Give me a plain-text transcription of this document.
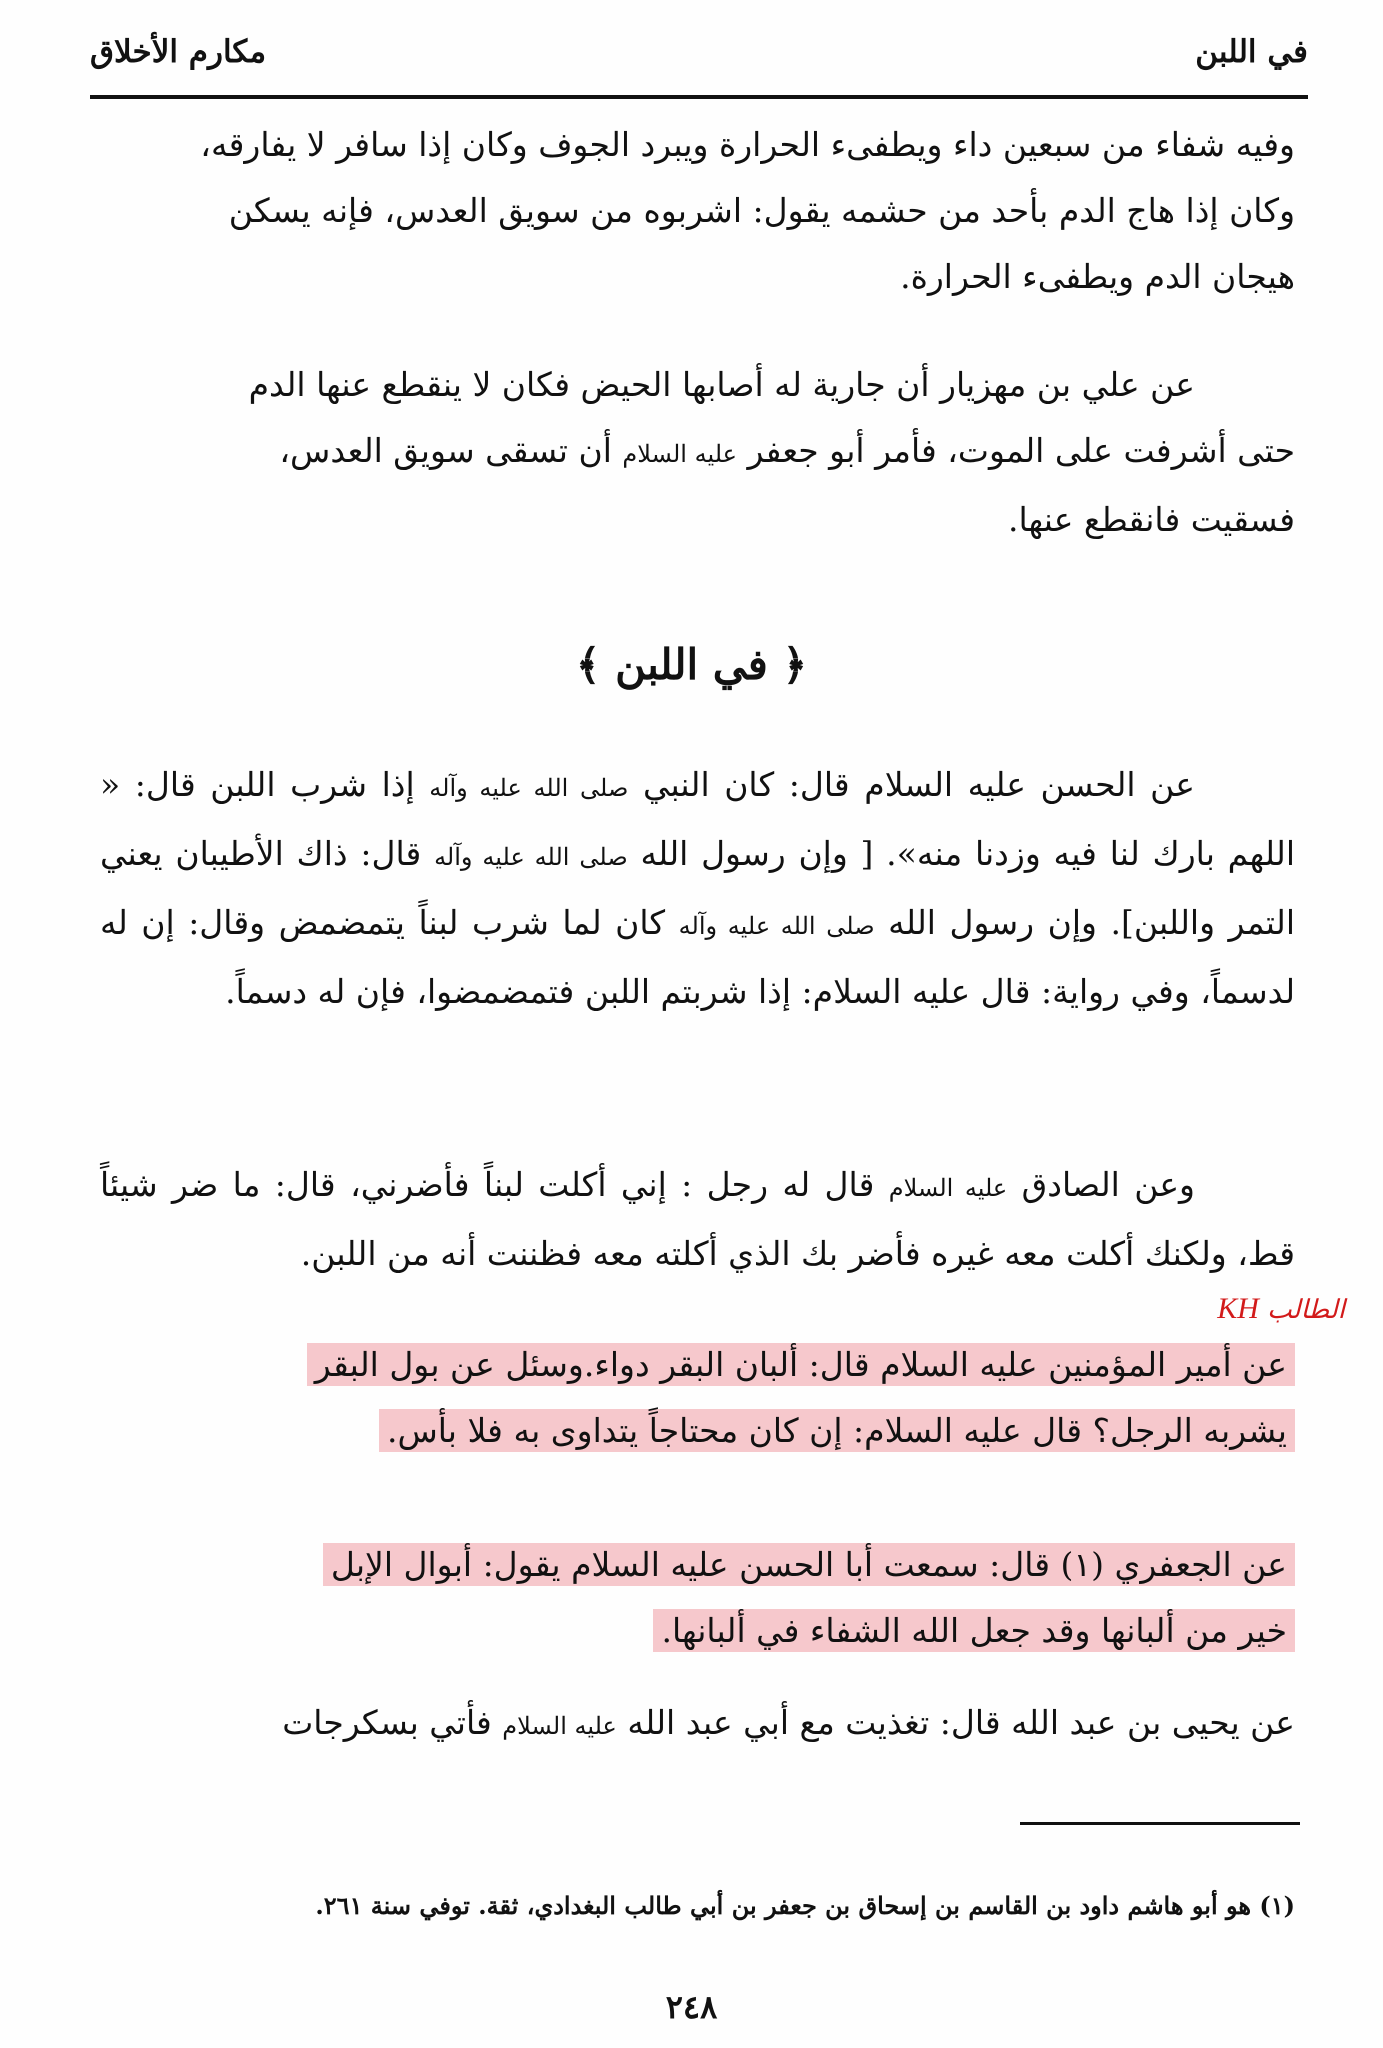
في اللبن
مكارم الأخلاق

وفيه شفاء من سبعين داء ويطفىء الحرارة ويبرد الجوف وكان إذا سافر لا يفارقه،

وكان إذا هاج الدم بأحد من حشمه يقول: اشربوه من سويق العدس، فإنه يسكن

هيجان الدم ويطفىء الحرارة.

عن علي بن مهزيار أن جارية له أصابها الحيض فكان لا ينقطع عنها الدم

حتى أشرفت على الموت، فأمر أبو جعفر عليه السلام أن تسقى سويق العدس،

فسقيت فانقطع عنها.

﴿ في اللبن ﴾

عن الحسن عليه السلام قال: كان النبي صلى الله عليه وآله إذا شرب اللبن قال: « اللهم بارك لنا فيه وزدنا منه». [ وإن رسول الله صلى الله عليه وآله قال: ذاك الأطيبان يعني التمر واللبن]. وإن رسول الله صلى الله عليه وآله كان لما شرب لبناً يتمضمض وقال: إن له لدسماً، وفي رواية: قال عليه السلام: إذا شربتم اللبن فتمضمضوا، فإن له دسماً.

وعن الصادق عليه السلام قال له رجل : إني أكلت لبناً فأضرني، قال: ما ضر شيئاً قط، ولكنك أكلت معه غيره فأضر بك الذي أكلته معه فظننت أنه من اللبن.

الطالب KH

عن أمير المؤمنين عليه السلام قال: ألبان البقر دواء.وسئل عن بول البقر

يشربه الرجل؟ قال عليه السلام: إن كان محتاجاً يتداوى به فلا بأس.

عن الجعفري (١) قال: سمعت أبا الحسن عليه السلام يقول: أبوال الإبل

خير من ألبانها وقد جعل الله الشفاء في ألبانها.

عن يحيى بن عبد الله قال: تغذيت مع أبي عبد الله عليه السلام فأتي بسكرجات

(١) هو أبو هاشم داود بن القاسم بن إسحاق بن جعفر بن أبي طالب البغدادي، ثقة. توفي سنة ٢٦١.
٢٤٨
